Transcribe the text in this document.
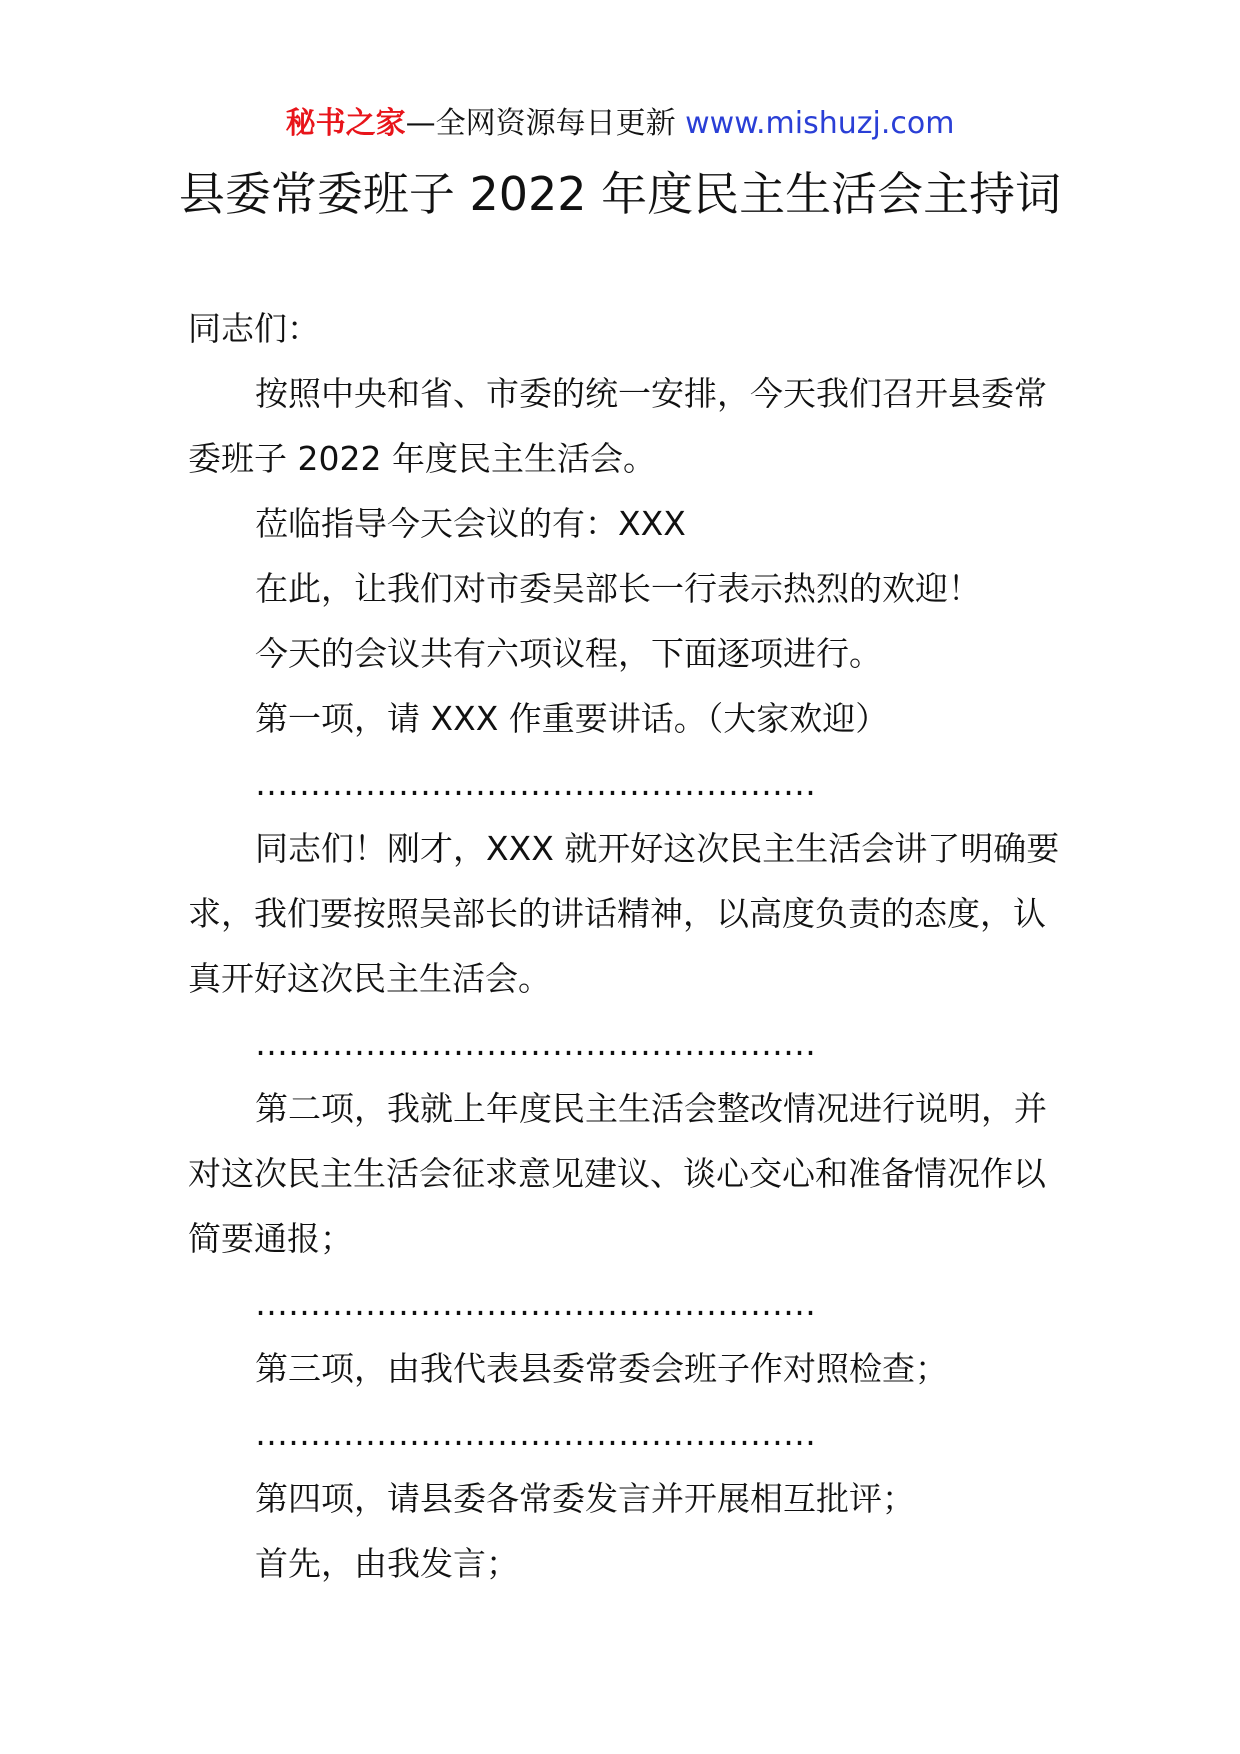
秘书之家—全网资源每日更新 www.mishuzj.com
县委常委班子 2022 年度民主生活会主持词

同志们：

按照中央和省、市委的统一安排，今天我们召开县委常委班子 2022 年度民主生活会。

莅临指导今天会议的有：XXX

在此，让我们对市委吴部长一行表示热烈的欢迎！

今天的会议共有六项议程，下面逐项进行。

第一项，请 XXX 作重要讲话。（大家欢迎）

……………………………………………

同志们！刚才，XXX 就开好这次民主生活会讲了明确要求，我们要按照吴部长的讲话精神，以高度负责的态度，认真开好这次民主生活会。

……………………………………………

第二项，我就上年度民主生活会整改情况进行说明，并对这次民主生活会征求意见建议、谈心交心和准备情况作以简要通报；

……………………………………………

第三项，由我代表县委常委会班子作对照检查；

……………………………………………

第四项，请县委各常委发言并开展相互批评；

首先，由我发言；
